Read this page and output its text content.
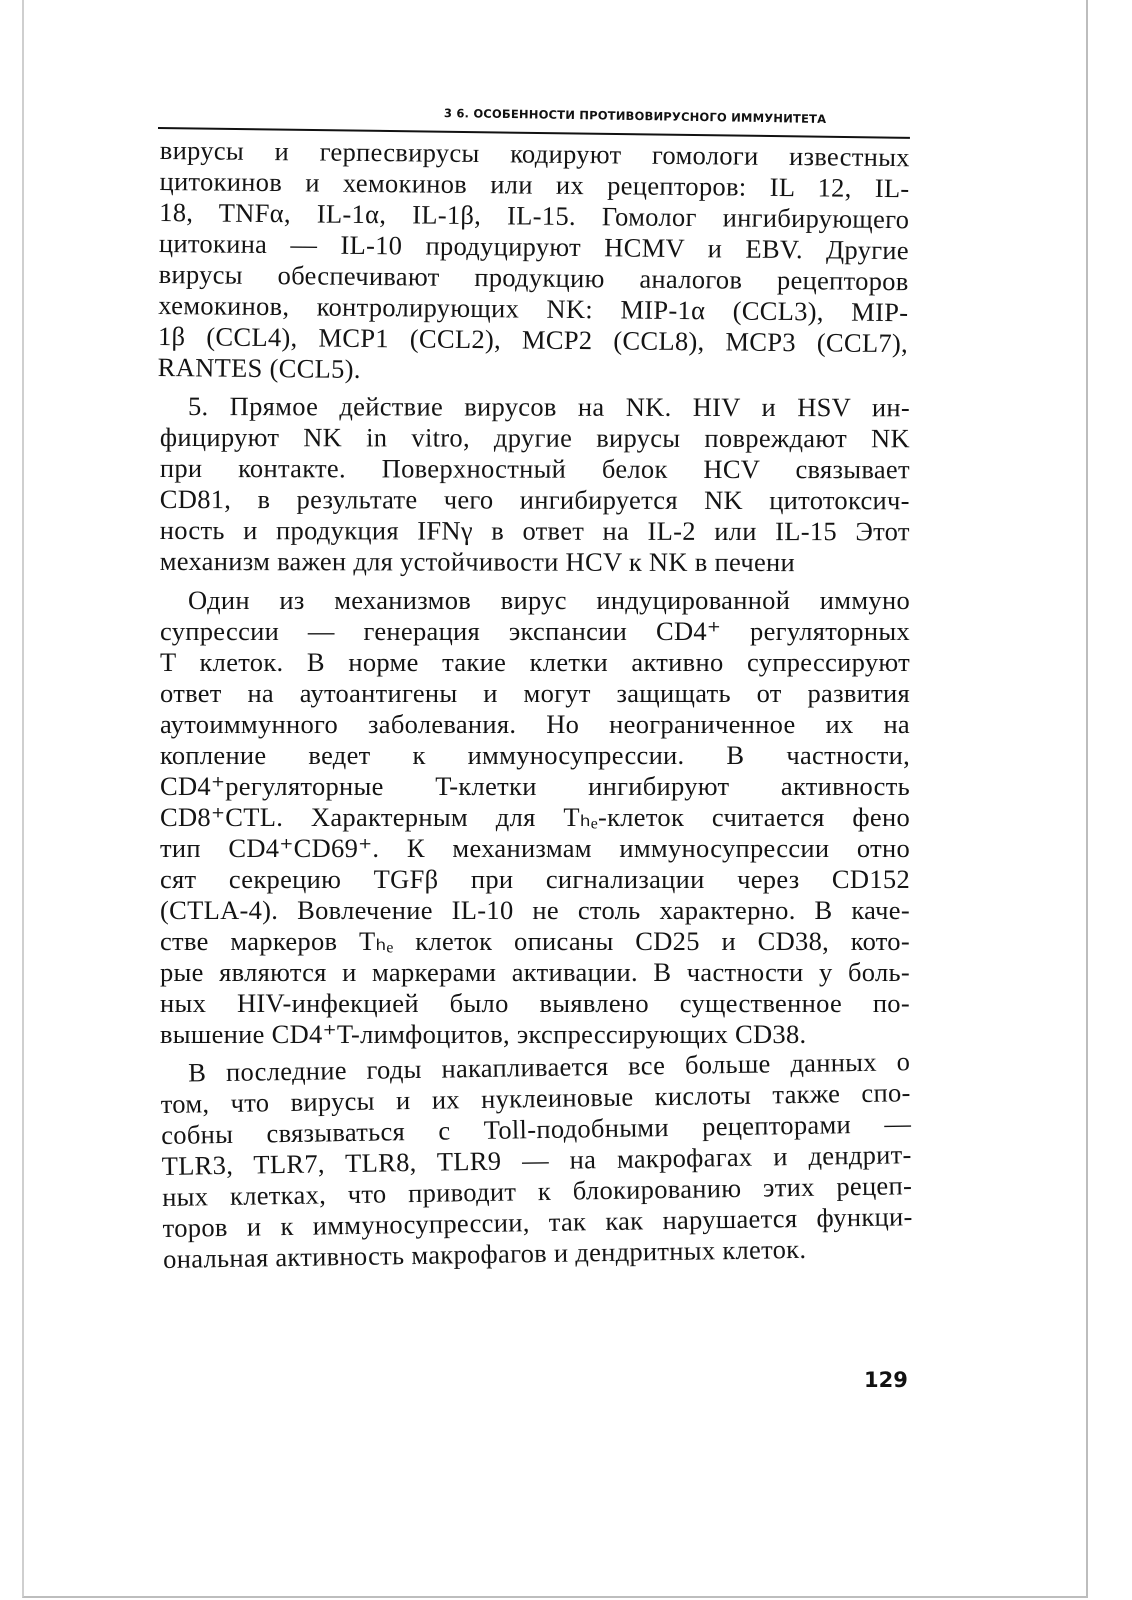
3 6. ОСОБЕННОСТИ ПРОТИВОВИРУСНОГО ИММУНИТЕТА
вирусы и герпесвирусы кодируют гомологи известных
цитокинов и хемокинов или их рецепторов: IL 12, IL-
18, TNFα, IL-1α, IL-1β, IL-15. Гомолог ингибирующего
цитокина — IL-10 продуцируют HCMV и EBV. Другие
вирусы обеспечивают продукцию аналогов рецепторов
хемокинов, контролирующих NK: MIP-1α (CCL3), MIP-
1β (CCL4), MCP1 (CCL2), MCP2 (CCL8), MCP3 (CCL7),
RANTES (CCL5).
5. Прямое действие вирусов на NK. HIV и HSV ин-
фицируют NK in vitro, другие вирусы повреждают NK
при контакте. Поверхностный белок HCV связывает
CD81, в результате чего ингибируется NK цитотоксич-
ность и продукция IFNγ в ответ на IL-2 или IL-15 Этот
механизм важен для устойчивости HCV к NK в печени
Один из механизмов вирус индуцированной иммуно
супрессии — генерация экспансии CD4⁺ регуляторных
T клеток. В норме такие клетки активно супрессируют
ответ на аутоантигены и могут защищать от развития
аутоиммунного заболевания. Но неограниченное их на
копление ведет к иммуносупрессии. В частности,
CD4⁺регуляторные T-клетки ингибируют активность
CD8⁺CTL. Характерным для Tₕₑ-клеток считается фено
тип CD4⁺CD69⁺. К механизмам иммуносупрессии отно
сят секрецию TGFβ при сигнализации через CD152
(CTLA-4). Вовлечение IL-10 не столь характерно. В каче-
стве маркеров Tₕₑ клеток описаны CD25 и CD38, кото-
рые являются и маркерами активации. В частности у боль-
ных HIV-инфекцией было выявлено существенное по-
вышение CD4⁺T-лимфоцитов, экспрессирующих CD38.
В последние годы накапливается все больше данных о
том, что вирусы и их нуклеиновые кислоты также спо-
собны связываться с Toll-подобными рецепторами —
TLR3, TLR7, TLR8, TLR9 — на макрофагах и дендрит-
ных клетках, что приводит к блокированию этих рецеп-
торов и к иммуносупрессии, так как нарушается функци-
ональная активность макрофагов и дендритных клеток.
129
